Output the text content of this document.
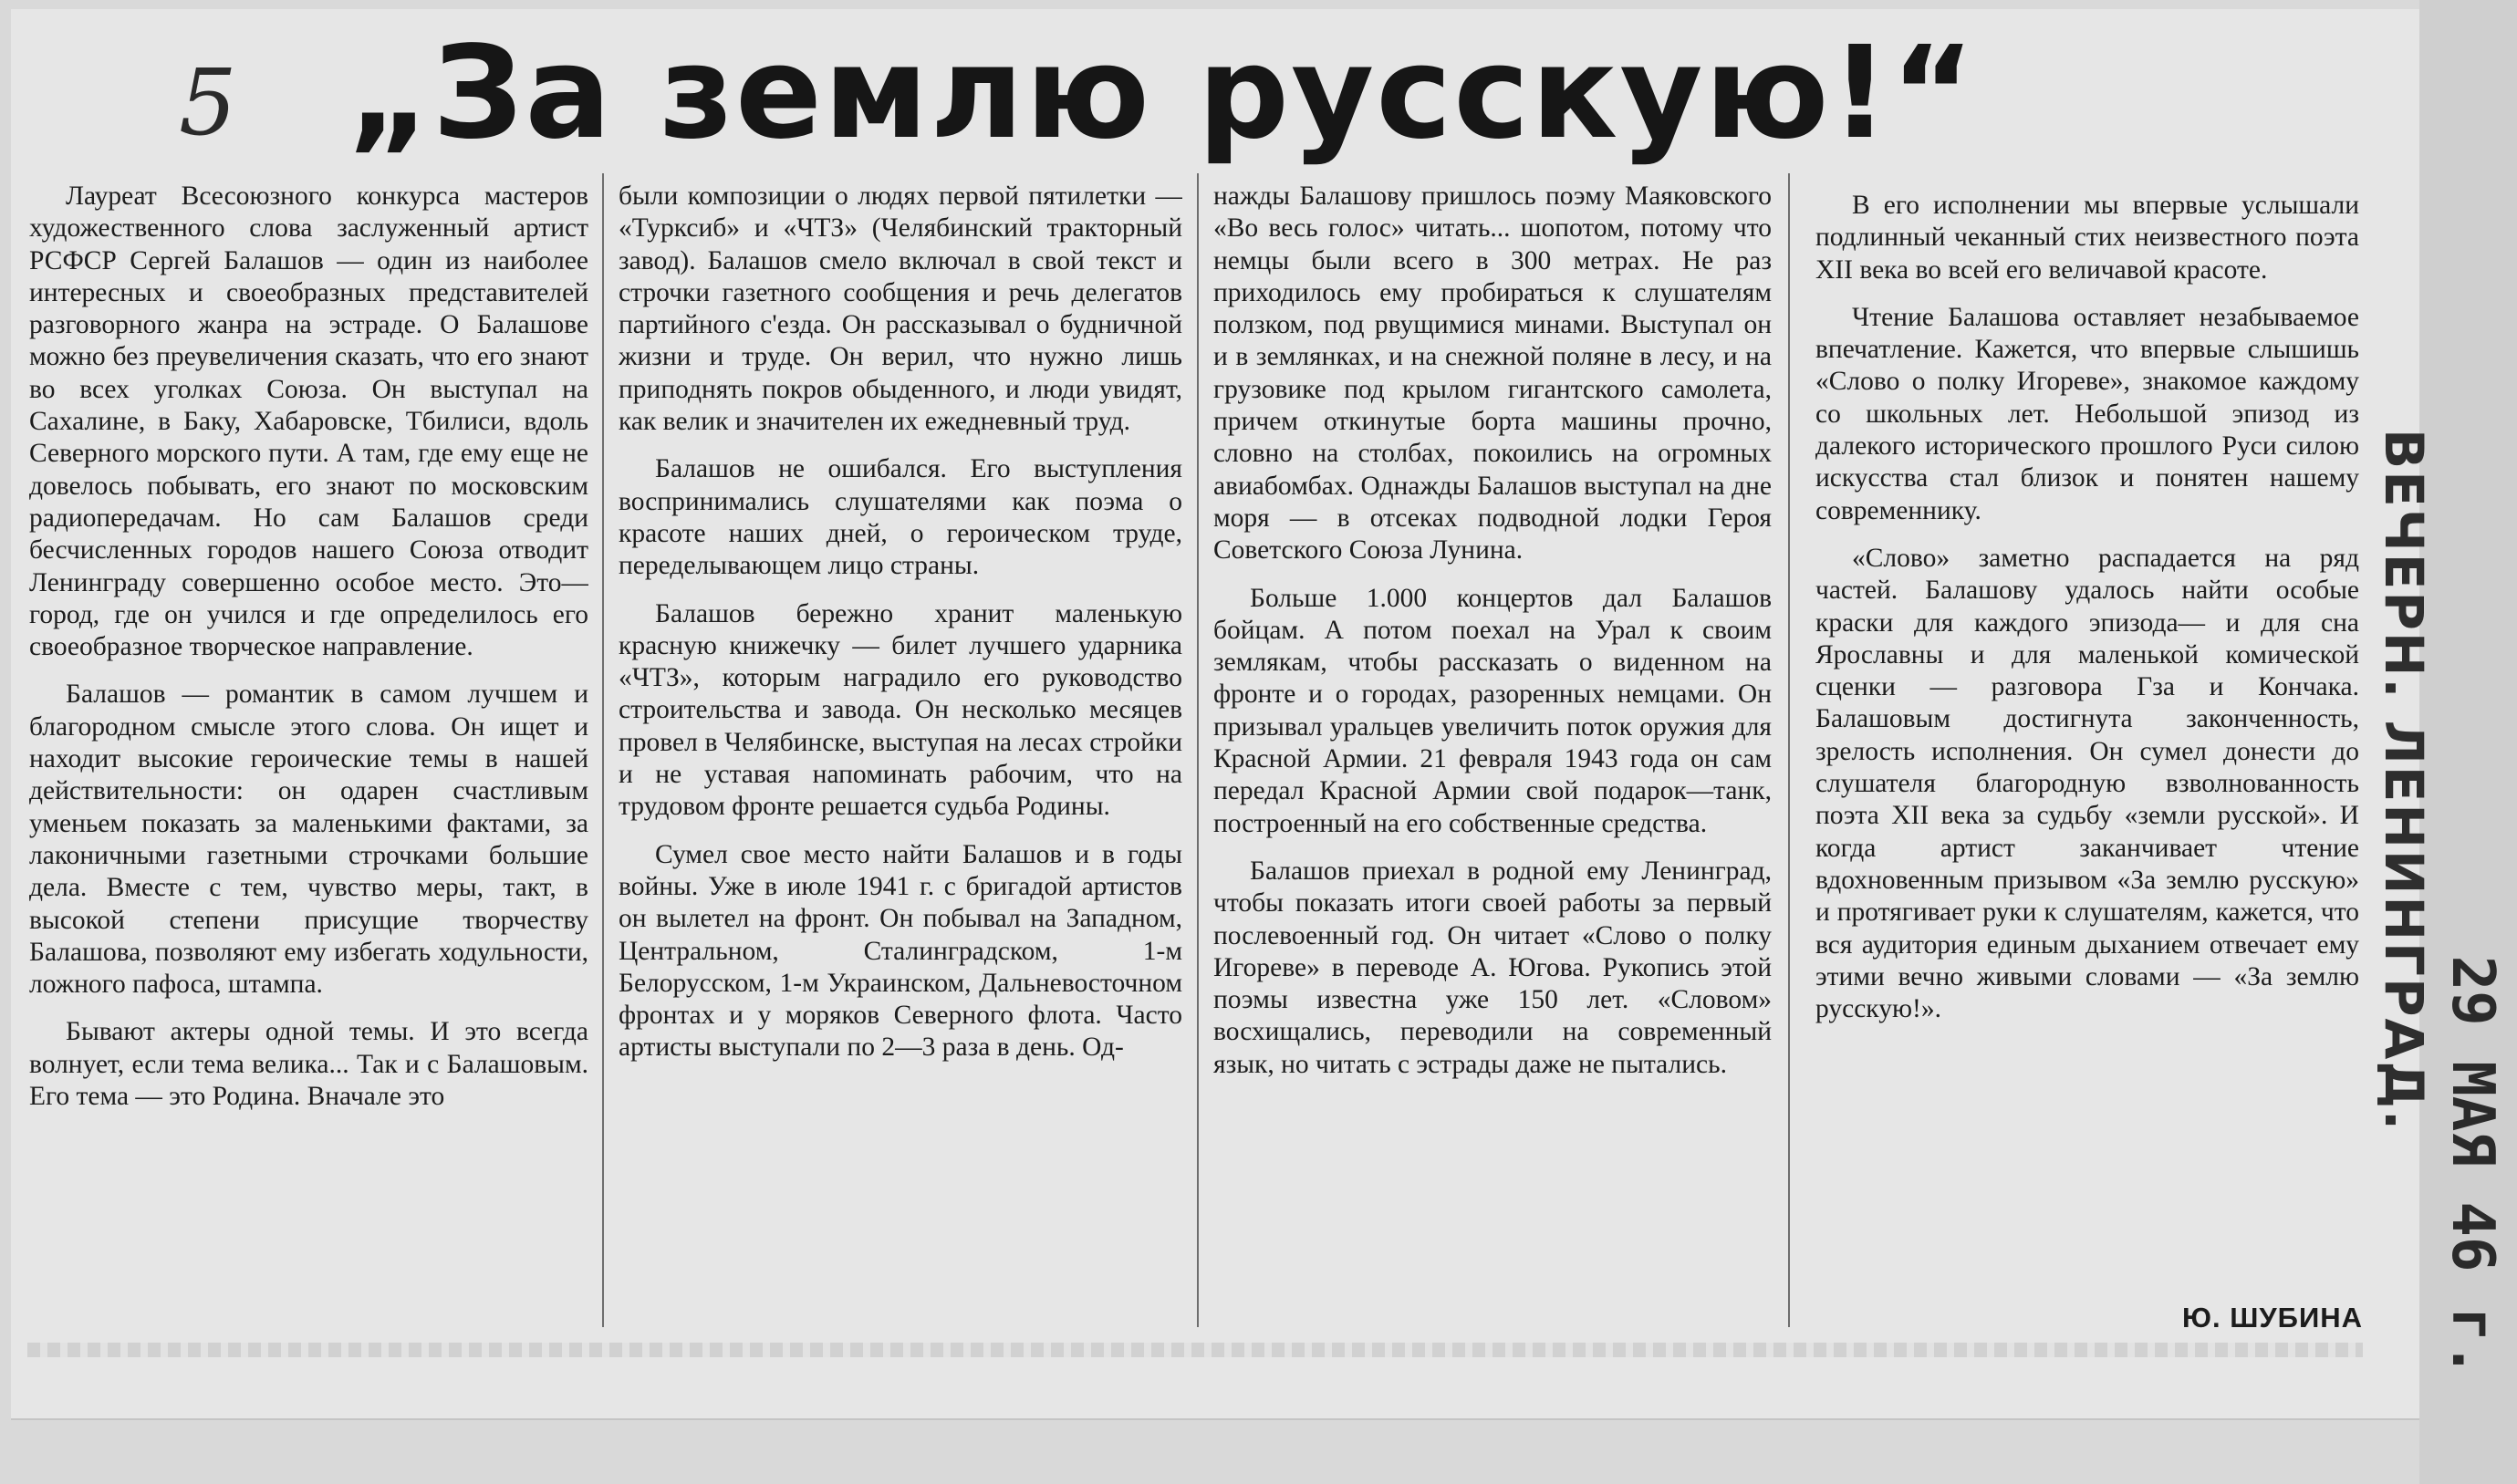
5 „За землю русскую!“

Лауреат Всесоюзного конкурса мастеров художественного слова заслуженный артист РСФСР Сергей Балашов — один из наиболее интересных и своеобразных представителей разговорного жанра на эстраде. О Балашове можно без преувеличения сказать, что его знают во всех уголках Союза. Он выступал на Сахалине, в Баку, Хабаровске, Тбилиси, вдоль Северного морского пути. А там, где ему еще не довелось побывать, его знают по московским радиопередачам. Но сам Балашов среди бесчисленных городов нашего Союза отводит Ленинграду совершенно особое место. Это—город, где он учился и где определилось его своеобразное творческое направление.

Балашов — романтик в самом лучшем и благородном смысле этого слова. Он ищет и находит высокие героические темы в нашей действительности: он одарен счастливым уменьем показать за маленькими фактами, за лаконичными газетными строчками большие дела. Вместе с тем, чувство меры, такт, в высокой степени присущие творчеству Балашова, позволяют ему избегать ходульности, ложного пафоса, штампа.

Бывают актеры одной темы. И это всегда волнует, если тема велика... Так и с Балашовым. Его тема — это Родина. Вначале это

были композиции о людях первой пятилетки — «Турксиб» и «ЧТЗ» (Челябинский тракторный завод). Балашов смело включал в свой текст и строчки газетного сообщения и речь делегатов партийного с'езда. Он рассказывал о будничной жизни и труде. Он верил, что нужно лишь приподнять покров обыденного, и люди увидят, как велик и значителен их ежедневный труд.

Балашов не ошибался. Его выступления воспринимались слушателями как поэма о красоте наших дней, о героическом труде, переделывающем лицо страны.

Балашов бережно хранит маленькую красную книжечку — билет лучшего ударника «ЧТЗ», которым наградило его руководство строительства и завода. Он несколько месяцев провел в Челябинске, выступая на лесах стройки и не уставая напоминать рабочим, что на трудовом фронте решается судьба Родины.

Сумел свое место найти Балашов и в годы войны. Уже в июле 1941 г. с бригадой артистов он вылетел на фронт. Он побывал на Западном, Центральном, Сталинградском, 1-м Белорусском, 1-м Украинском, Дальневосточном фронтах и у моряков Северного флота. Часто артисты выступали по 2—3 раза в день. Од-

нажды Балашову пришлось поэму Маяковского «Во весь голос» читать... шопотом, потому что немцы были всего в 300 метрах. Не раз приходилось ему пробираться к слушателям ползком, под рвущимися минами. Выступал он и в землянках, и на снежной поляне в лесу, и на грузовике под крылом гигантского самолета, причем откинутые борта машины прочно, словно на столбах, покоились на огромных авиабомбах. Однажды Балашов выступал на дне моря — в отсеках подводной лодки Героя Советского Союза Лунина.

Больше 1.000 концертов дал Балашов бойцам. А потом поехал на Урал к своим землякам, чтобы рассказать о виденном на фронте и о городах, разоренных немцами. Он призывал уральцев увеличить поток оружия для Красной Армии. 21 февраля 1943 года он сам передал Красной Армии свой подарок—танк, построенный на его собственные средства.

Балашов приехал в родной ему Ленинград, чтобы показать итоги своей работы за первый послевоенный год. Он читает «Слово о полку Игореве» в переводе А. Югова. Рукопись этой поэмы известна уже 150 лет. «Словом» восхищались, переводили на современный язык, но читать с эстрады даже не пытались.

В его исполнении мы впервые услышали подлинный чеканный стих неизвестного поэта XII века во всей его величавой красоте.

Чтение Балашова оставляет незабываемое впечатление. Кажется, что впервые слышишь «Слово о полку Игореве», знакомое каждому со школьных лет. Небольшой эпизод из далекого исторического прошлого Руси силою искусства стал близок и понятен нашему современнику.

«Слово» заметно распадается на ряд частей. Балашову удалось найти особые краски для каждого эпизода— и для сна Ярославны и для маленькой комической сценки — разговора Гза и Кончака. Балашовым достигнута законченность, зрелость исполнения. Он сумел донести до слушателя благородную взволнованность поэта XII века за судьбу «земли русской». И когда артист заканчивает чтение вдохновенным призывом «За землю русскую» и протягивает руки к слушателям, кажется, что вся аудитория единым дыханием отвечает ему этими вечно живыми словами — «За землю русскую!».

Ю. ШУБИНА
ВЕЧЕРН. ЛЕНИНГРАД.
29 МАЯ 46 г.
